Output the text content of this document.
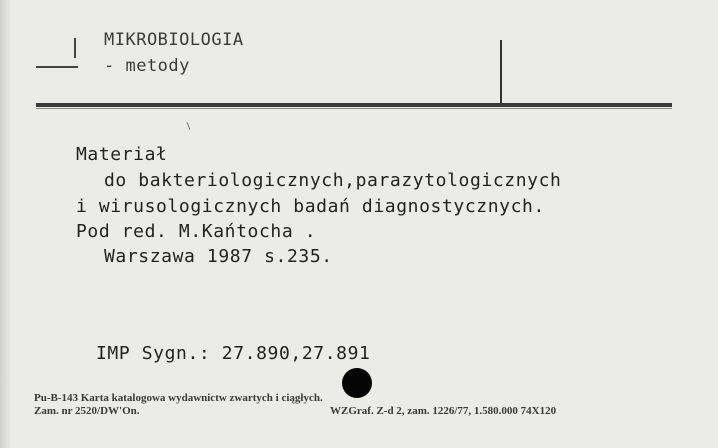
MIKROBIOLOGIA
- metody
Materiał
do bakteriologicznych,parazytologicznych
i wirusologicznych badań diagnostycznych.
Pod red. M.Kańtocha .
Warszawa 1987 s.235.
IMP Sygn.: 27.890,27.891
Pu-B-143 Karta katalogowa wydawnictw zwartych i ciągłych.
Zam. nr 2520/DW'On.	WZGraf. Z-d 2, zam. 1226/77, 1.580.000 74X120
